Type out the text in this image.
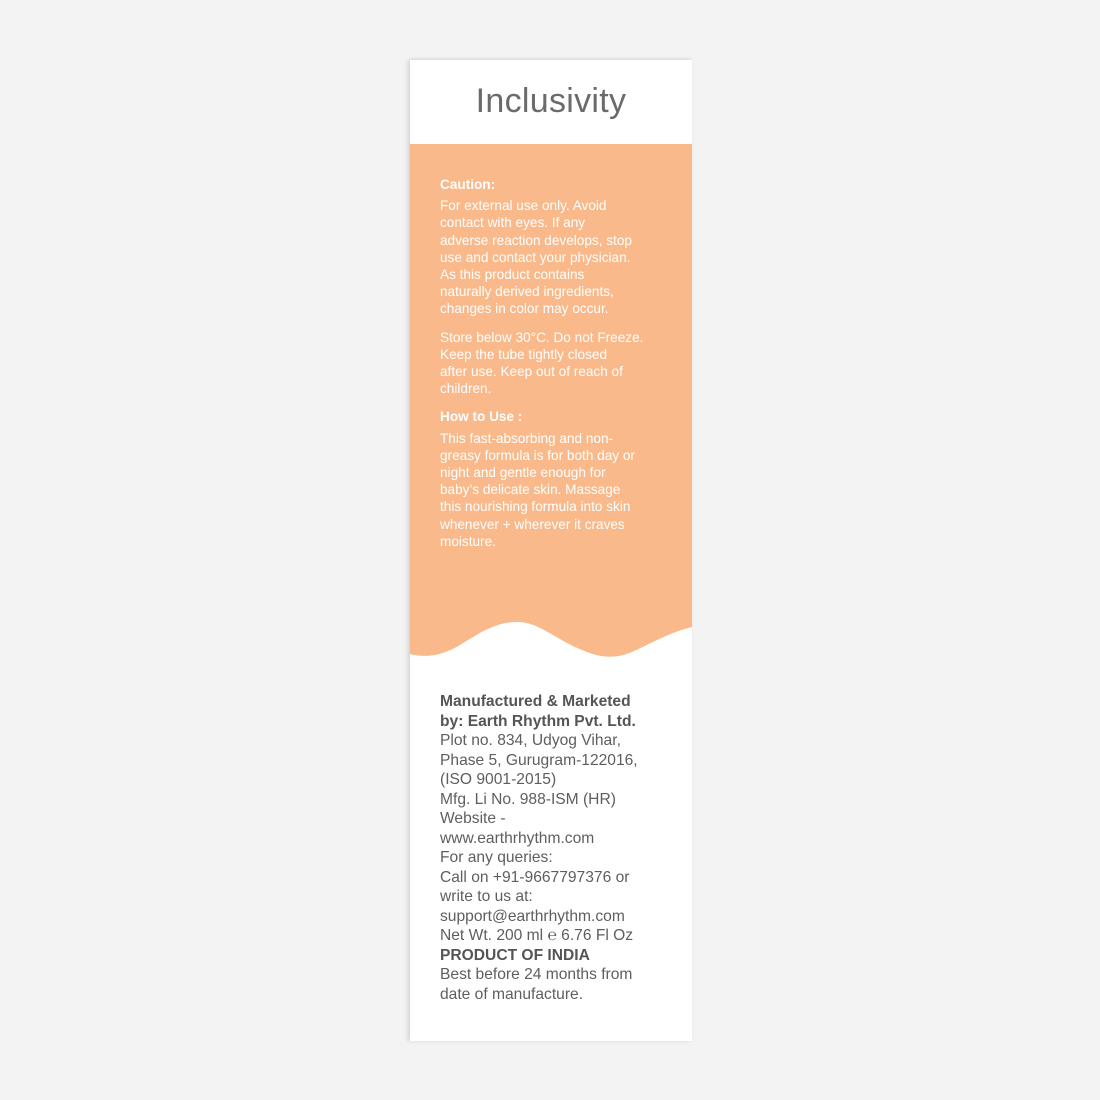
Inclusivity

Caution:

For external use only. Avoid

contact with eyes. If any

adverse reaction develops, stop

use and contact your physician.

As this product contains

naturally derived ingredients,

changes in color may occur.

Store below 30°C. Do not Freeze.

Keep the tube tightly closed

after use. Keep out of reach of

children.

How to Use :

This fast-absorbing and non-

greasy formula is for both day or

night and gentle enough for

baby’s delicate skin. Massage

this nourishing formula into skin

whenever + wherever it craves

moisture.

Manufactured & Marketed
by: Earth Rhythm Pvt. Ltd.
Plot no. 834, Udyog Vihar,
Phase 5, Gurugram-122016,
(ISO 9001-2015)
Mfg. Li No. 988-ISM (HR)
Website -
www.earthrhythm.com
For any queries:
Call on +91-9667797376 or
write to us at:
support@earthrhythm.com
Net Wt. 200 ml ℮ 6.76 Fl Oz
PRODUCT OF INDIA
Best before 24 months from
date of manufacture.
